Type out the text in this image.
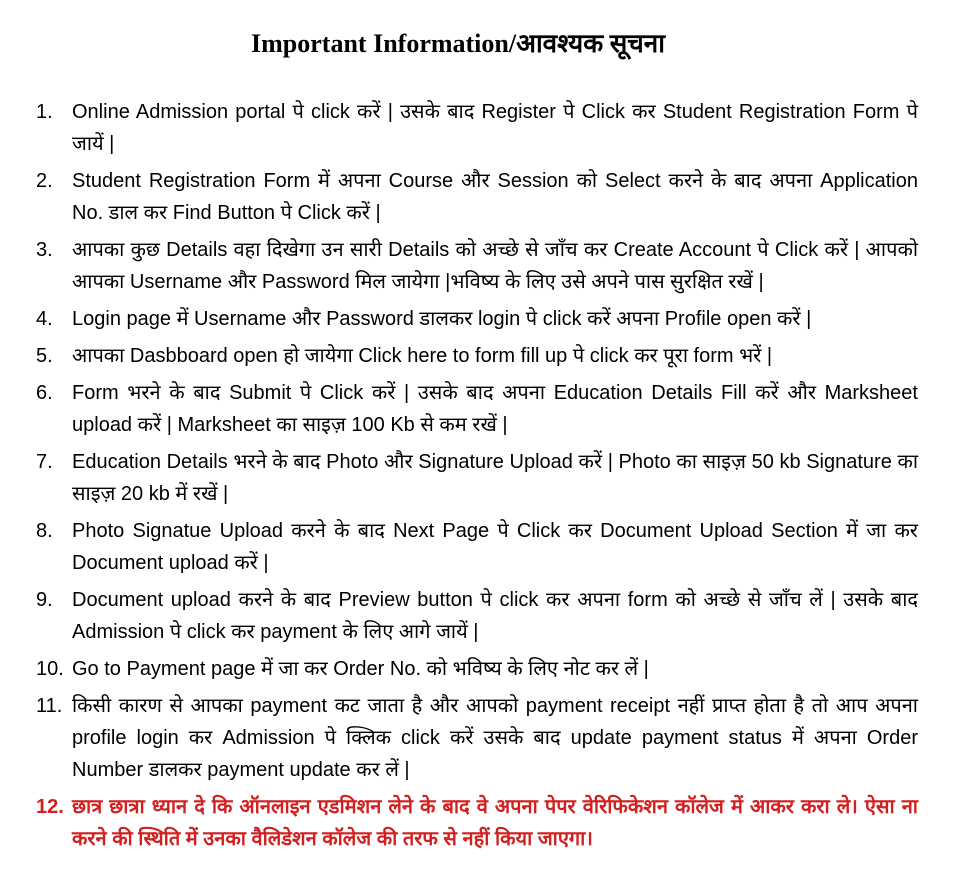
Important Information/आवश्यक सूचना
1. Online Admission portal पे click करें | उसके बाद Register पे Click कर Student Registration Form पे जायें |
2. Student Registration Form में अपना Course और Session को Select करने के बाद अपना Application No. डाल कर Find Button पे Click करें |
3. आपका कुछ Details वहा दिखेगा उन सारी Details को अच्छे से जाँच कर Create Account पे Click करें | आपको आपका Username और Password मिल जायेगा |भविष्य के लिए उसे अपने पास सुरक्षित रखें |
4. Login page में Username और Password डालकर login पे click करें अपना Profile open करें |
5. आपका Dasbboard open हो जायेगा Click here to form fill up पे click कर पूरा form भरें |
6. Form भरने के बाद Submit पे Click करें | उसके बाद अपना Education Details Fill करें और Marksheet upload करें | Marksheet का साइज़ 100 Kb से कम रखें |
7. Education Details भरने के बाद Photo और Signature Upload करें | Photo का साइज़ 50 kb Signature का साइज़ 20 kb में रखें |
8. Photo Signatue Upload करने के बाद Next Page पे Click कर Document Upload Section में जा कर Document upload करें |
9. Document upload करने के बाद Preview button पे click कर अपना form को अच्छे से जाँच लें | उसके बाद Admission पे click कर payment के लिए आगे जायें |
10. Go to Payment page में जा कर Order No. को भविष्य के लिए नोट कर लें |
11. किसी कारण से आपका payment कट जाता है और आपको payment receipt नहीं प्राप्त होता है तो आप अपना profile login कर Admission पे क्लिक click करें उसके बाद update payment status में अपना Order Number डालकर payment update कर लें |
12. छात्र छात्रा ध्यान दे कि ऑनलाइन एडमिशन लेने के बाद वे अपना पेपर वेरिफिकेशन कॉलेज में आकर करा ले। ऐसा ना करने की स्थिति में उनका वैलिडेशन कॉलेज की तरफ से नहीं किया जाएगा।
